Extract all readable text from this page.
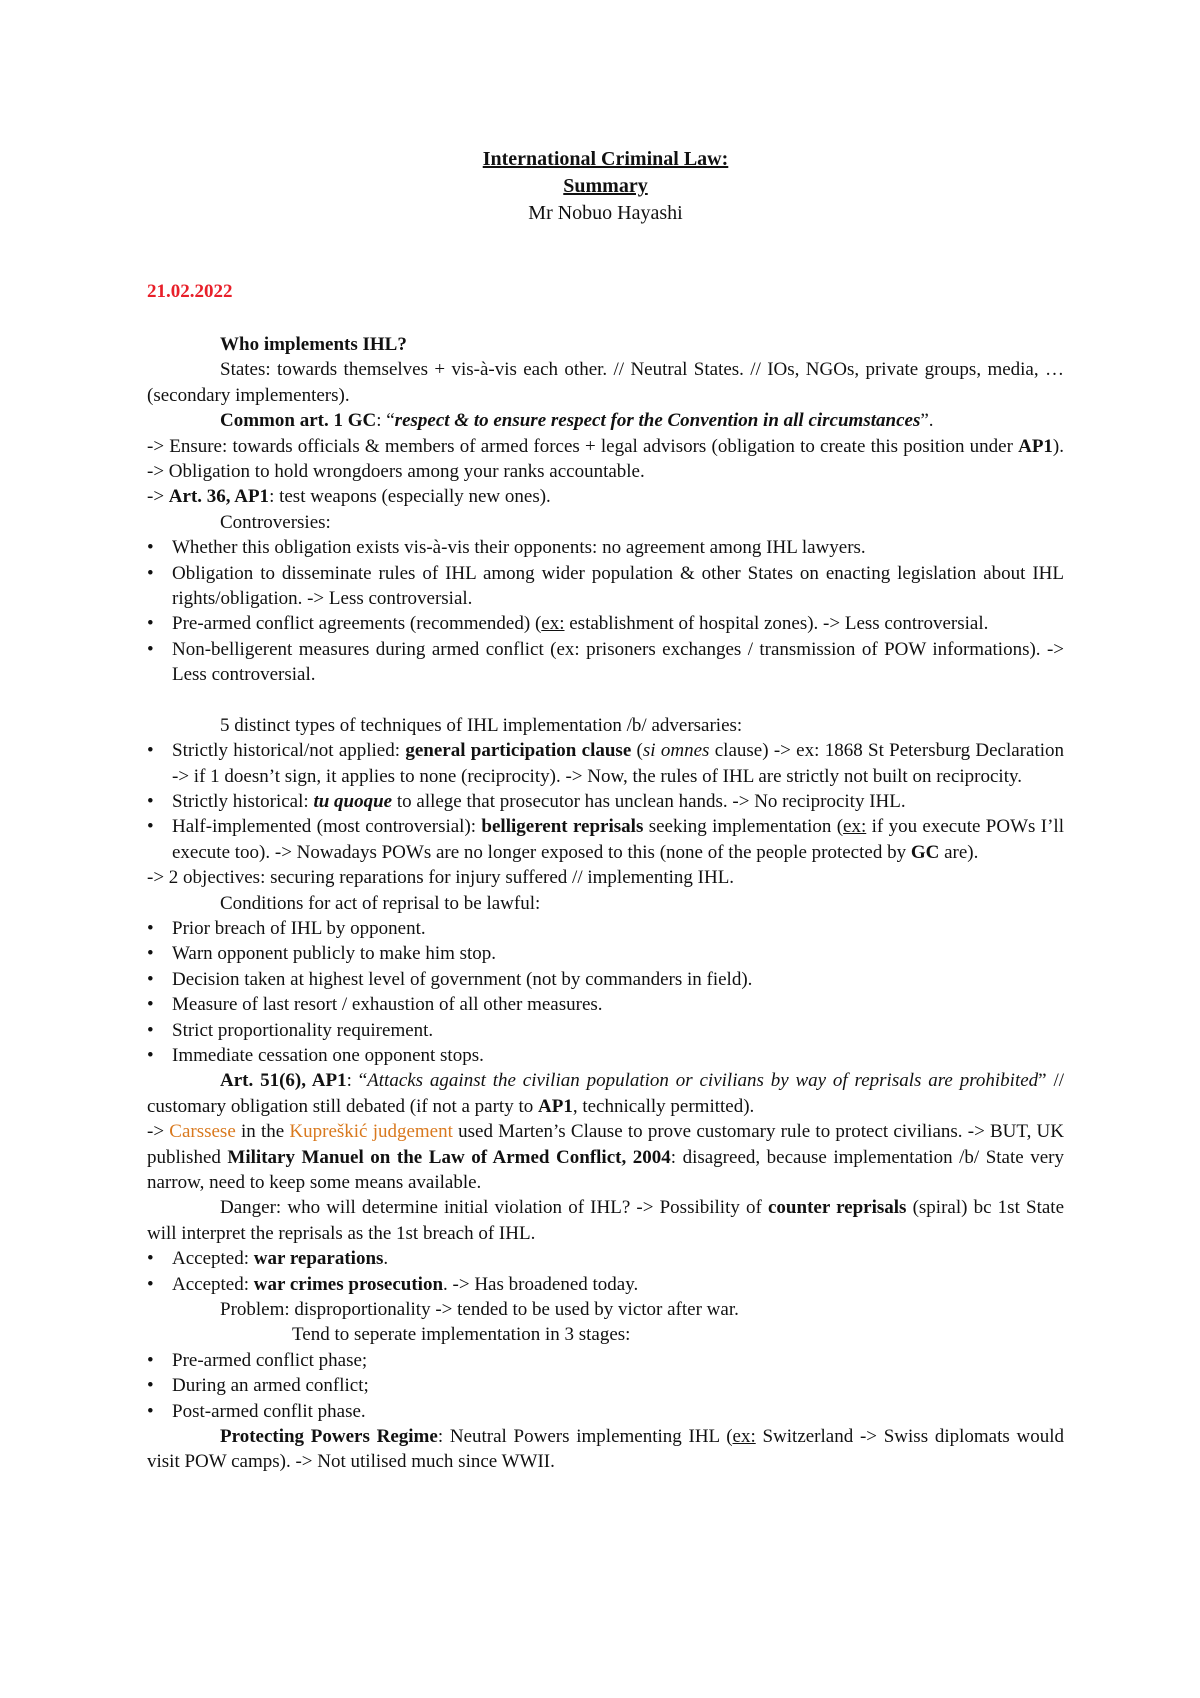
International Criminal Law:
Summary
Mr Nobuo Hayashi
21.02.2022

Who implements IHL?

States: towards themselves + vis-à-vis each other. // Neutral States. // IOs, NGOs, private groups, media, … (secondary implementers).

Common art. 1 GC: “respect & to ensure respect for the Convention in all circumstances”.

-> Ensure: towards officials & members of armed forces + legal advisors (obligation to create this position under AP1). -> Obligation to hold wrongdoers among your ranks accountable.

-> Art. 36, AP1: test weapons (especially new ones).

Controversies:

• Whether this obligation exists vis-à-vis their opponents: no agreement among IHL lawyers.

• Obligation to disseminate rules of IHL among wider population & other States on enacting legislation about IHL rights/obligation. -> Less controversial.

• Pre-armed conflict agreements (recommended) (ex: establishment of hospital zones). -> Less controversial.

• Non-belligerent measures during armed conflict (ex: prisoners exchanges / transmission of POW informations). -> Less controversial.

5 distinct types of techniques of IHL implementation /b/ adversaries:

• Strictly historical/not applied: general participation clause (si omnes clause) -> ex: 1868 St Petersburg Declaration -> if 1 doesn’t sign, it applies to none (reciprocity). -> Now, the rules of IHL are strictly not built on reciprocity.

• Strictly historical: tu quoque to allege that prosecutor has unclean hands. -> No reciprocity IHL.

• Half-implemented (most controversial): belligerent reprisals seeking implementation (ex: if you execute POWs I’ll execute too). -> Nowadays POWs are no longer exposed to this (none of the people protected by GC are).

-> 2 objectives: securing reparations for injury suffered // implementing IHL.

Conditions for act of reprisal to be lawful:

• Prior breach of IHL by opponent.

• Warn opponent publicly to make him stop.

• Decision taken at highest level of government (not by commanders in field).

• Measure of last resort / exhaustion of all other measures.

• Strict proportionality requirement.

• Immediate cessation one opponent stops.

Art. 51(6), AP1: “Attacks against the civilian population or civilians by way of reprisals are prohibited” // customary obligation still debated (if not a party to AP1, technically permitted).

-> Carssese in the Kupreškić judgement used Marten’s Clause to prove customary rule to protect civilians. -> BUT, UK published Military Manuel on the Law of Armed Conflict, 2004: disagreed, because implementation /b/ State very narrow, need to keep some means available.

Danger: who will determine initial violation of IHL? -> Possibility of counter reprisals (spiral) bc 1st State will interpret the reprisals as the 1st breach of IHL.

• Accepted: war reparations.

• Accepted: war crimes prosecution. -> Has broadened today.

Problem: disproportionality -> tended to be used by victor after war.

Tend to seperate implementation in 3 stages:

• Pre-armed conflict phase;

• During an armed conflict;

• Post-armed conflit phase.

Protecting Powers Regime: Neutral Powers implementing IHL (ex: Switzerland -> Swiss diplomats would visit POW camps). -> Not utilised much since WWII.
